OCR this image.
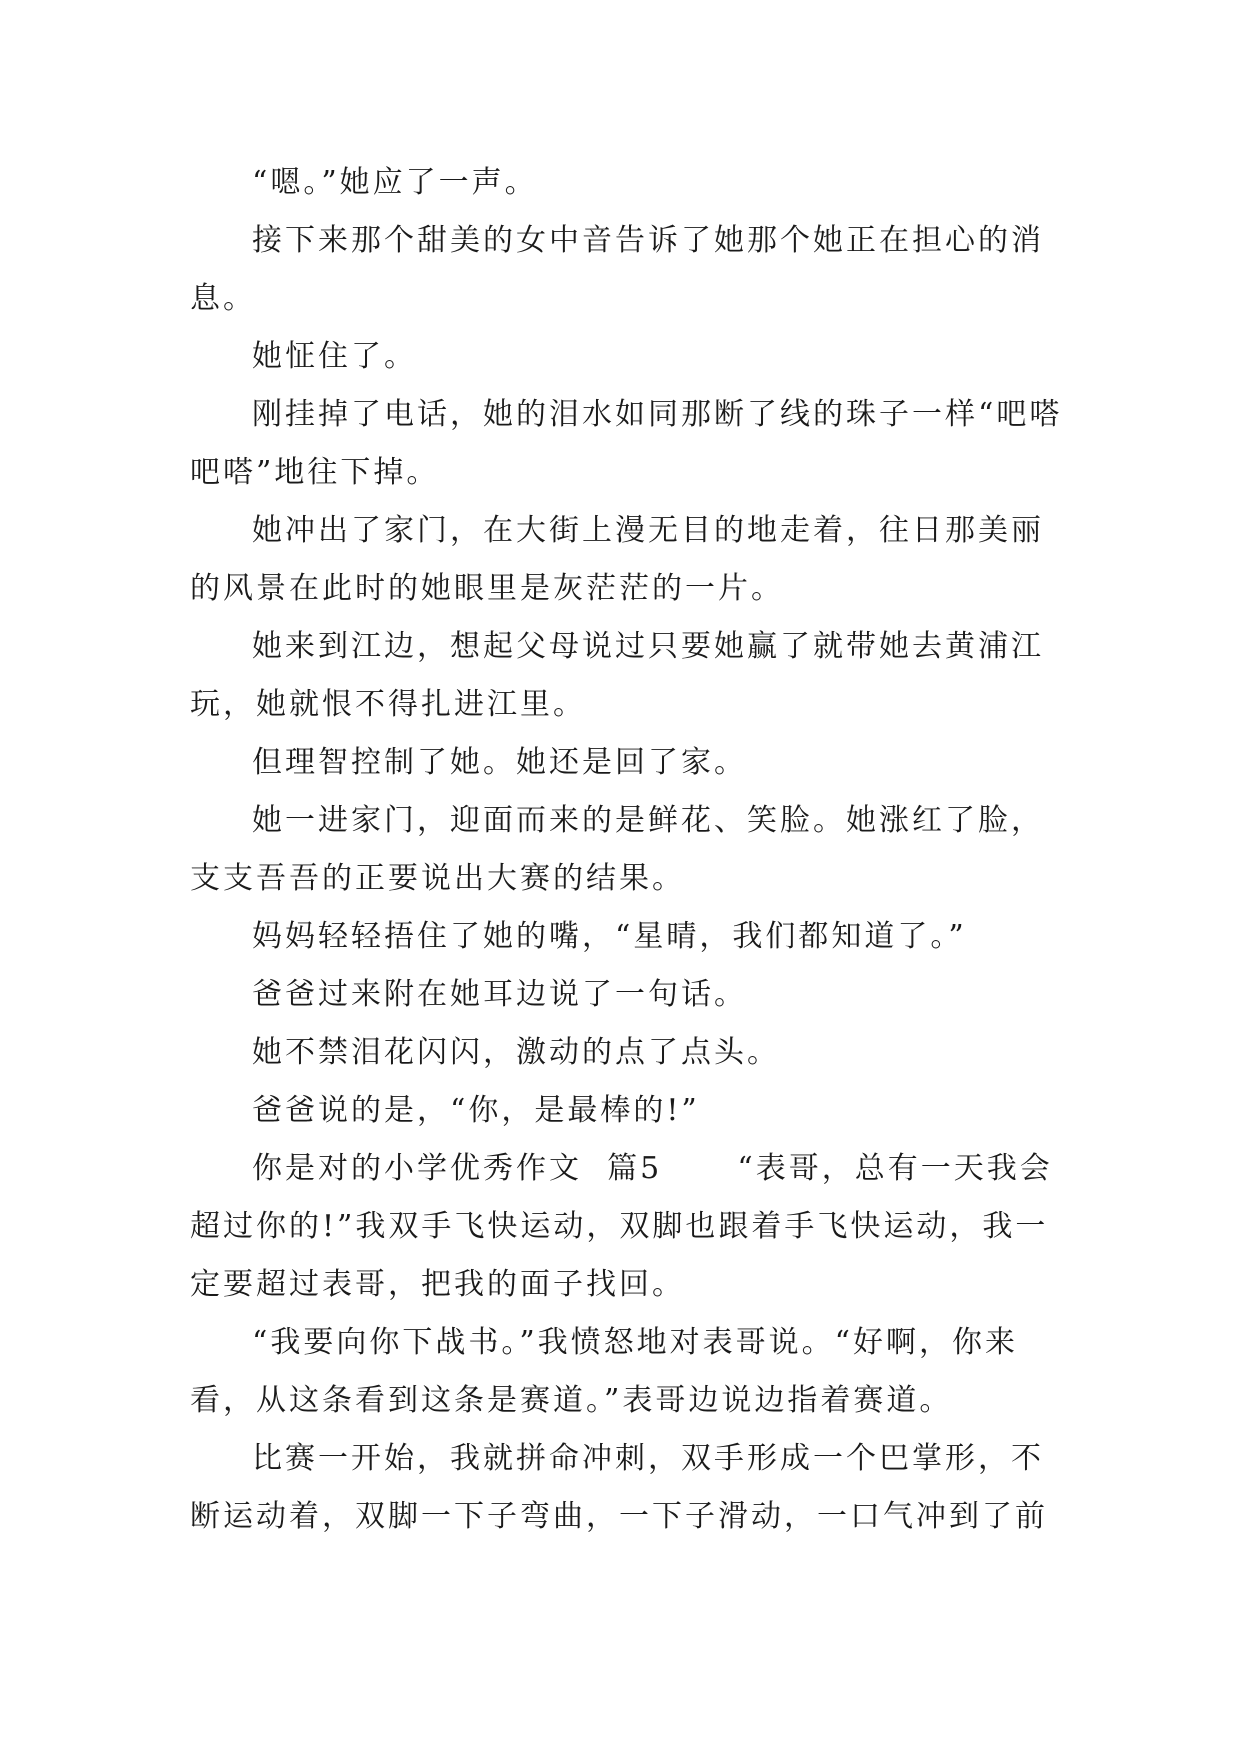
“嗯。”她应了一声。

接下来那个甜美的女中音告诉了她那个她正在担心的消息。

她怔住了。

刚挂掉了电话，她的泪水如同那断了线的珠子一样“吧嗒吧嗒”地往下掉。

她冲出了家门，在大街上漫无目的地走着，往日那美丽的风景在此时的她眼里是灰茫茫的一片。

她来到江边，想起父母说过只要她赢了就带她去黄浦江玩，她就恨不得扎进江里。

但理智控制了她。她还是回了家。

她一进家门，迎面而来的是鲜花、笑脸。她涨红了脸，支支吾吾的正要说出大赛的结果。

妈妈轻轻捂住了她的嘴，“星晴，我们都知道了。”

爸爸过来附在她耳边说了一句话。

她不禁泪花闪闪，激动的点了点头。

爸爸说的是，“你，是最棒的!”

你是对的小学优秀作文  篇5      “表哥，总有一天我会超过你的!”我双手飞快运动，双脚也跟着手飞快运动，我一定要超过表哥，把我的面子找回。

“我要向你下战书。”我愤怒地对表哥说。“好啊，你来看，从这条看到这条是赛道。”表哥边说边指着赛道。

比赛一开始，我就拼命冲刺，双手形成一个巴掌形，不断运动着，双脚一下子弯曲，一下子滑动，一口气冲到了前
